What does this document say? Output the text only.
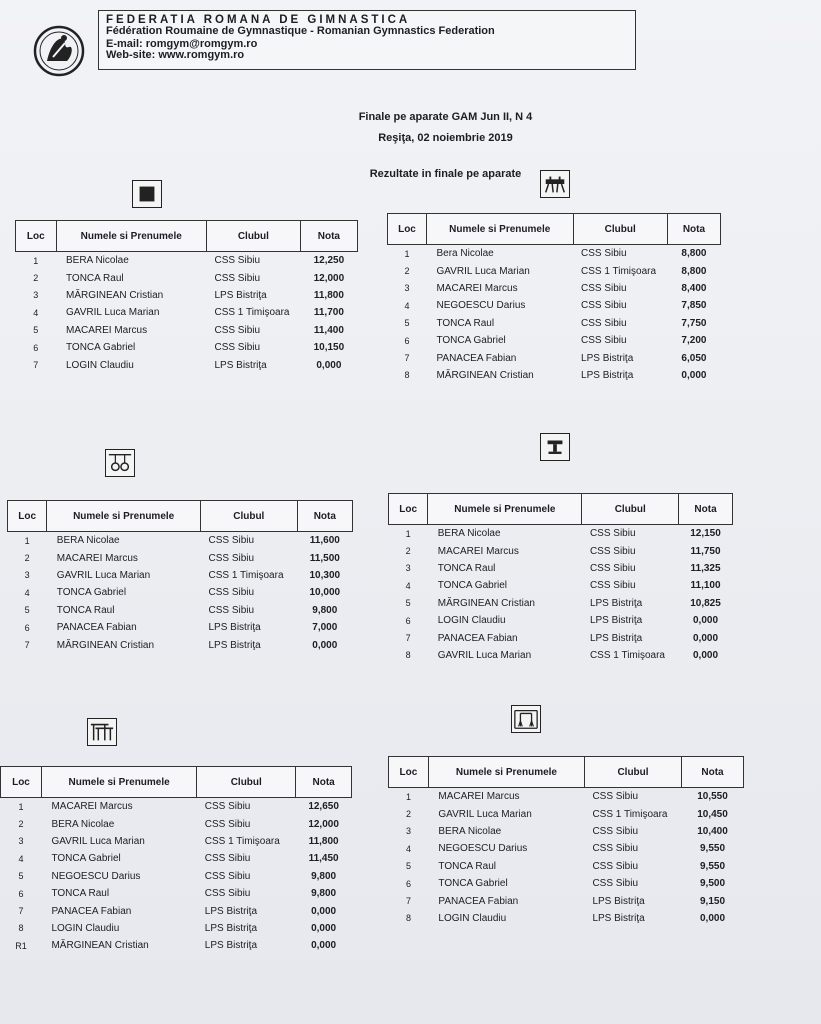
FEDERATIA ROMANA DE GIMNASTICA
Fédération Roumaine de Gymnastique - Romanian Gymnastics Federation
E-mail: romgym@romgym.ro
Web-site: www.romgym.ro
Finale pe aparate GAM Jun II, N 4
Reşiţa, 02 noiembrie 2019
Rezultate in finale pe aparate
Loc	Numele si Prenumele	Clubul	Nota
1	BERA Nicolae	CSS Sibiu	12,250
2	TONCA Raul	CSS Sibiu	12,000
3	MĂRGINEAN Cristian	LPS Bistriţa	11,800
4	GAVRIL Luca Marian	CSS 1 Timişoara	11,700
5	MACAREI Marcus	CSS Sibiu	11,400
6	TONCA Gabriel	CSS Sibiu	10,150
7	LOGIN Claudiu	LPS Bistriţa	0,000
Loc	Numele si Prenumele	Clubul	Nota
1	Bera Nicolae	CSS Sibiu	8,800
2	GAVRIL Luca Marian	CSS 1 Timişoara	8,800
3	MACAREI Marcus	CSS Sibiu	8,400
4	NEGOESCU Darius	CSS Sibiu	7,850
5	TONCA Raul	CSS Sibiu	7,750
6	TONCA Gabriel	CSS Sibiu	7,200
7	PANACEA Fabian	LPS Bistriţa	6,050
8	MĂRGINEAN Cristian	LPS Bistriţa	0,000
Loc	Numele si Prenumele	Clubul	Nota
1	BERA Nicolae	CSS Sibiu	11,600
2	MACAREI Marcus	CSS Sibiu	11,500
3	GAVRIL Luca Marian	CSS 1 Timişoara	10,300
4	TONCA Gabriel	CSS Sibiu	10,000
5	TONCA Raul	CSS Sibiu	9,800
6	PANACEA Fabian	LPS Bistriţa	7,000
7	MĂRGINEAN Cristian	LPS Bistriţa	0,000
Loc	Numele si Prenumele	Clubul	Nota
1	BERA Nicolae	CSS Sibiu	12,150
2	MACAREI Marcus	CSS Sibiu	11,750
3	TONCA Raul	CSS Sibiu	11,325
4	TONCA Gabriel	CSS Sibiu	11,100
5	MĂRGINEAN Cristian	LPS Bistriţa	10,825
6	LOGIN Claudiu	LPS Bistriţa	0,000
7	PANACEA Fabian	LPS Bistriţa	0,000
8	GAVRIL Luca Marian	CSS 1 Timişoara	0,000
Loc	Numele si Prenumele	Clubul	Nota
1	MACAREI Marcus	CSS Sibiu	12,650
2	BERA Nicolae	CSS Sibiu	12,000
3	GAVRIL Luca Marian	CSS 1 Timişoara	11,800
4	TONCA Gabriel	CSS Sibiu	11,450
5	NEGOESCU Darius	CSS Sibiu	9,800
6	TONCA Raul	CSS Sibiu	9,800
7	PANACEA Fabian	LPS Bistriţa	0,000
8	LOGIN Claudiu	LPS Bistriţa	0,000
R1	MĂRGINEAN Cristian	LPS Bistriţa	0,000
Loc	Numele si Prenumele	Clubul	Nota
1	MACAREI Marcus	CSS Sibiu	10,550
2	GAVRIL Luca Marian	CSS 1 Timişoara	10,450
3	BERA Nicolae	CSS Sibiu	10,400
4	NEGOESCU Darius	CSS Sibiu	9,550
5	TONCA Raul	CSS Sibiu	9,550
6	TONCA Gabriel	CSS Sibiu	9,500
7	PANACEA Fabian	LPS Bistriţa	9,150
8	LOGIN Claudiu	LPS Bistriţa	0,000
